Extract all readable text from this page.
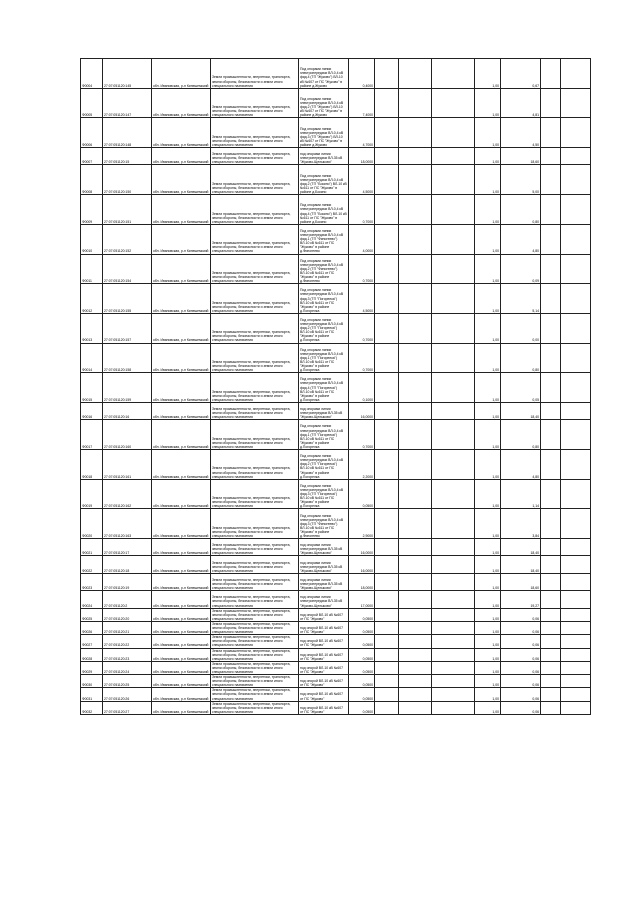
Ф0004	27:07:051120:145	обл. Ивановская, р-н Кинешемский	Земли промышленности, энергетики, транспорта, земли обороны, безопасности и земли иного специального назначения	Под опорами линии электропередачи ВЛ-0,4 кВ фид.4 (ТП "Жуково") ВЛ-10 кВ №607 от ПС "Жуково" в районе д.Жуково	0,4000				1,00	0,67		
Ф0005	27:07:051120:147	обл. Ивановская, р-н Кинешемский	Земли промышленности, энергетики, транспорта, земли обороны, безопасности и земли иного специального назначения	Под опорами линии электропередачи ВЛ-0,4 кВ фид.2 (ТП "Жуково") ВЛ-10 кВ №607 от ПС "Жуково" в районе д.Жуково	7,4000				1,00	4,81		
Ф0006	27:07:051120:148	обл. Ивановская, р-н Кинешемский	Земли промышленности, энергетики, транспорта, земли обороны, безопасности и земли иного специального назначения	Под опорами линии электропередачи ВЛ-0,4 кВ фид.3 (ТП "Жуково") ВЛ-10 кВ №607 от ПС "Жуково" в районе д.Жуково	4,7000				1,00	4,50		
Ф0007	27:07:051120:15	обл. Ивановская, р-н Кинешемский	Земли промышленности, энергетики, транспорта, земли обороны, безопасности и земли иного специального назначения	под опорами линии электропередачи ВЛ-35 кВ "Жуково-Щелыково"	18,0000				1,00	18,60		
Ф0008	27:07:051120:150	обл. Ивановская, р-н Кинешемский	Земли промышленности, энергетики, транспорта, земли обороны, безопасности и земли иного специального назначения	Под опорами линии электропередачи ВЛ-0,4 кВ фид.2 (ТП "Бокино") ВЛ-10 кВ №611 от ПС "Жуково" в районе д.Бокино	4,5000				1,00	5,00		
Ф0009	27:07:051120:151	обл. Ивановская, р-н Кинешемский	Земли промышленности, энергетики, транспорта, земли обороны, безопасности и земли иного специального назначения	Под опорами линии электропередачи ВЛ-0,4 кВ фид.4 (ТП "Бокино") ВЛ-10 кВ №611 от ПС "Жуково" в районе д.Бокино	0,7000				1,00	0,80		
Ф0010	27:07:051120:152	обл. Ивановская, р-н Кинешемский	Земли промышленности, энергетики, транспорта, земли обороны, безопасности и земли иного специального назначения	Под опорами линии электропередачи ВЛ-0,4 кВ фид.1 (ТП "Финогеево") ВЛ-10 кВ №611 от ПС "Жуково" в районе д.Финогеево	4,0000				1,00	4,80		
Ф0011	27:07:051120:154	обл. Ивановская, р-н Кинешемский	Земли промышленности, энергетики, транспорта, земли обороны, безопасности и земли иного специального назначения	Под опорами линии электропередачи ВЛ-0,4 кВ фид.2 (ТП "Финогеево") ВЛ-10 кВ №611 от ПС "Жуково" в районе д.Финогеево	0,7000				1,00	0,09		
Ф0012	27:07:051120:155	обл. Ивановская, р-н Кинешемский	Земли промышленности, энергетики, транспорта, земли обороны, безопасности и земли иного специального назначения	Под опорами линии электропередачи ВЛ-0,4 кВ фид.3 (ТП "Погорелка") ВЛ-10 кВ №611 от ПС "Жуково" в районе д.Погорелка	4,5000				1,00	5,14		
Ф0013	27:07:051120:157	обл. Ивановская, р-н Кинешемский	Земли промышленности, энергетики, транспорта, земли обороны, безопасности и земли иного специального назначения	Под опорами линии электропередачи ВЛ-0,4 кВ фид.2 (ТП "Погорелка") ВЛ-10 кВ №611 от ПС "Жуково" в районе д.Погорелка	0,7000				1,00	0,00		
Ф0014	27:07:051120:158	обл. Ивановская, р-н Кинешемский	Земли промышленности, энергетики, транспорта, земли обороны, безопасности и земли иного специального назначения	Под опорами линии электропередачи ВЛ-0,4 кВ фид.1 (ТП "Погорелка") ВЛ-10 кВ №611 от ПС "Жуково" в районе д.Погорелка	0,7000				1,00	0,80		
Ф0015	27:07:051120:159	обл. Ивановская, р-н Кинешемский	Земли промышленности, энергетики, транспорта, земли обороны, безопасности и земли иного специального назначения	Под опорами линии электропередачи ВЛ-0,4 кВ фид.4 (ТП "Погорелка") ВЛ-10 кВ №611 от ПС "Жуково" в районе д.Погорелка	0,1000				1,00	0,05		
Ф0016	27:07:051120:16	обл. Ивановская, р-н Кинешемский	Земли промышленности, энергетики, транспорта, земли обороны, безопасности и земли иного специального назначения	под опорами линии электропередачи ВЛ-35 кВ "Жуково-Щелыково"	16,0000				1,00	18,40		
Ф0017	27:07:051120:160	обл. Ивановская, р-н Кинешемский	Земли промышленности, энергетики, транспорта, земли обороны, безопасности и земли иного специального назначения	Под опорами линии электропередачи ВЛ-0,4 кВ фид.1 (ТП "Погорелка") ВЛ-10 кВ №611 от ПС "Жуково" в районе д.Погорелка	0,7000				1,00	0,80		
Ф0018	27:07:051120:161	обл. Ивановская, р-н Кинешемский	Земли промышленности, энергетики, транспорта, земли обороны, безопасности и земли иного специального назначения	Под опорами линии электропередачи ВЛ-0,4 кВ фид.2 (ТП "Погорелка") ВЛ-10 кВ №611 от ПС "Жуково" в районе д.Погорелка	2,2000				1,00	4,80		
Ф0019	27:07:051120:162	обл. Ивановская, р-н Кинешемский	Земли промышленности, энергетики, транспорта, земли обороны, безопасности и земли иного специального назначения	Под опорами линии электропередачи ВЛ-0,4 кВ фид.3 (ТП "Погорелка") ВЛ-10 кВ №611 от ПС "Жуково" в районе д.Погорелка	0,0500				1,00	1,14		
Ф0020	27:07:051120:163	обл. Ивановская, р-н Кинешемский	Земли промышленности, энергетики, транспорта, земли обороны, безопасности и земли иного специального назначения	Под опорами линии электропередачи ВЛ-0,4 кВ фид.3 (ТП "Финогеево") ВЛ-10 кВ №611 от ПС "Жуково" в районе д.Финогеево	2,9000				1,00	3,84		
Ф0021	27:07:051120:17	обл. Ивановская, р-н Кинешемский	Земли промышленности, энергетики, транспорта, земли обороны, безопасности и земли иного специального назначения	под опорами линии электропередачи ВЛ-35 кВ "Жуково-Щелыково"	16,0000				1,00	18,40		
Ф0022	27:07:051120:18	обл. Ивановская, р-н Кинешемский	Земли промышленности, энергетики, транспорта, земли обороны, безопасности и земли иного специального назначения	под опорами линии электропередачи ВЛ-35 кВ "Жуково-Щелыково"	16,0000				1,00	18,40		
Ф0023	27:07:051120:19	обл. Ивановская, р-н Кинешемский	Земли промышленности, энергетики, транспорта, земли обороны, безопасности и земли иного специального назначения	под опорами линии электропередачи ВЛ-35 кВ "Жуково-Щелыково"	18,0000				1,00	18,60		
Ф0024	27:07:051120:2	обл. Ивановская, р-н Кинешемский	Земли промышленности, энергетики, транспорта, земли обороны, безопасности и земли иного специального назначения	под опорами линии электропередачи ВЛ-35 кВ "Жуково-Щелыково"	17,0000				1,00	19,27		
Ф0025	27:07:051120:20	обл. Ивановская, р-н Кинешемский	Земли промышленности, энергетики, транспорта, земли обороны, безопасности и земли иного специального назначения	под опорой ВЛ-10 кВ №607 от ПС "Жуково"	0,0500				1,00	0,06		
Ф0026	27:07:051120:21	обл. Ивановская, р-н Кинешемский	Земли промышленности, энергетики, транспорта, земли обороны, безопасности и земли иного специального назначения	под опорой ВЛ-10 кВ №607 от ПС "Жуково"	0,0500				1,00	0,06		
Ф0027	27:07:051120:22	обл. Ивановская, р-н Кинешемский	Земли промышленности, энергетики, транспорта, земли обороны, безопасности и земли иного специального назначения	под опорой ВЛ-10 кВ №607 от ПС "Жуково"	0,0500				1,00	0,06		
Ф0028	27:07:051120:23	обл. Ивановская, р-н Кинешемский	Земли промышленности, энергетики, транспорта, земли обороны, безопасности и земли иного специального назначения	под опорой ВЛ-10 кВ №607 от ПС "Жуково"	0,0500				1,00	0,06		
Ф0029	27:07:051120:24	обл. Ивановская, р-н Кинешемский	Земли промышленности, энергетики, транспорта, земли обороны, безопасности и земли иного специального назначения	под опорой ВЛ-10 кВ №607 от ПС "Жуково"	0,0500				1,00	0,06		
Ф0030	27:07:051120:25	обл. Ивановская, р-н Кинешемский	Земли промышленности, энергетики, транспорта, земли обороны, безопасности и земли иного специального назначения	под опорой ВЛ-10 кВ №607 от ПС "Жуково"	0,0500				1,00	0,06		
Ф0031	27:07:051120:26	обл. Ивановская, р-н Кинешемский	Земли промышленности, энергетики, транспорта, земли обороны, безопасности и земли иного специального назначения	под опорой ВЛ-10 кВ №607 от ПС "Жуково"	0,0500				1,00	0,06		
Ф0032	27:07:051120:27	обл. Ивановская, р-н Кинешемский	Земли промышленности, энергетики, транспорта, земли обороны, безопасности и земли иного специального назначения	под опорой ВЛ-10 кВ №607 от ПС "Жуково"	0,0500				1,00	0,06		
